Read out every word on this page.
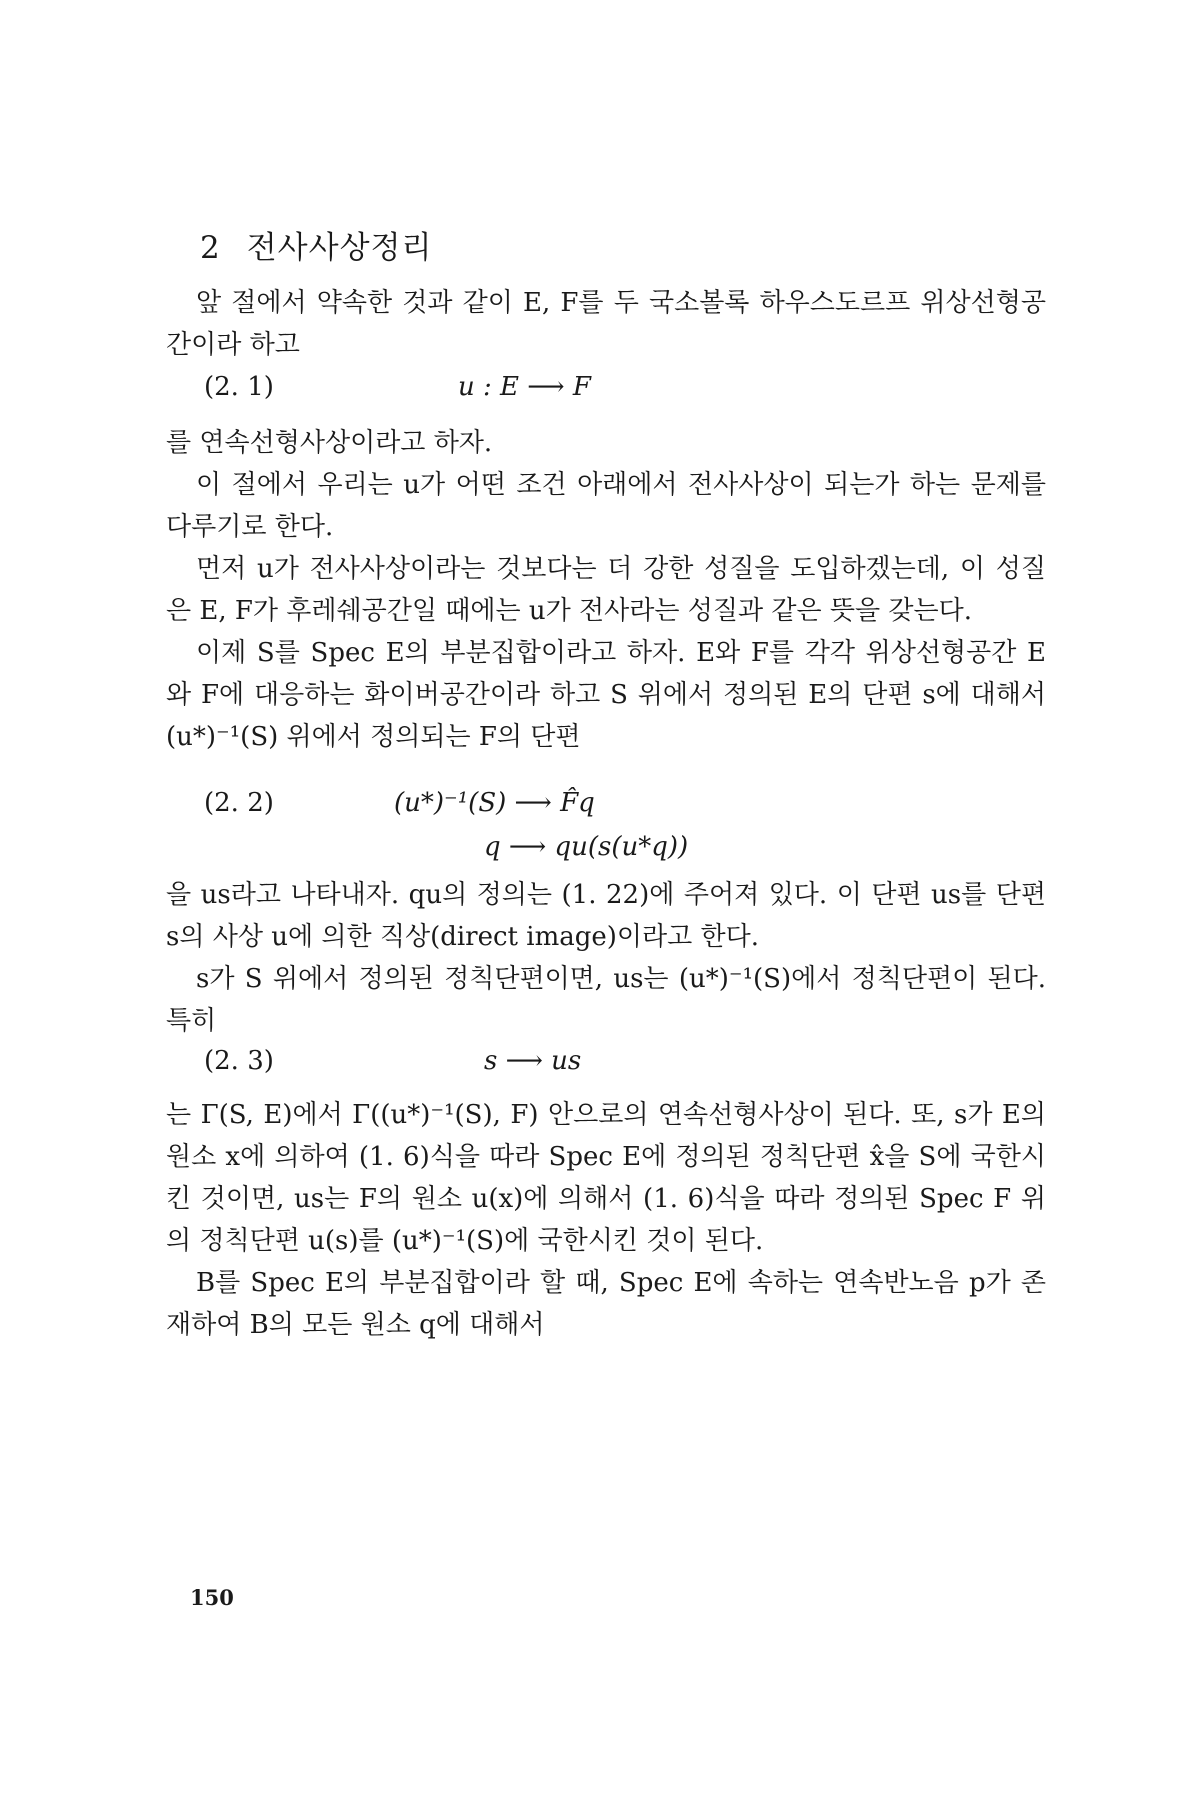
2 전사사상정리

앞 절에서 약속한 것과 같이 E, F를 두 국소볼록 하우스도르프 위상선형공간이라 하고

(2. 1)	u : E ⟶ F

를 연속선형사상이라고 하자.

이 절에서 우리는 u가 어떤 조건 아래에서 전사사상이 되는가 하는 문제를 다루기로 한다.

먼저 u가 전사사상이라는 것보다는 더 강한 성질을 도입하겠는데, 이 성질은 E, F가 후레쉐공간일 때에는 u가 전사라는 성질과 같은 뜻을 갖는다.

이제 S를 Spec E의 부분집합이라고 하자. E와 F를 각각 위상선형공간 E와 F에 대응하는 화이버공간이라 하고 S 위에서 정의된 E의 단편 s에 대해서 (u*)⁻¹(S) 위에서 정의되는 F의 단편

(2. 2)	(u*)⁻¹(S) ⟶ F̂q
q ⟶ qu(s(u*q))

을 us라고 나타내자. qu의 정의는 (1. 22)에 주어져 있다. 이 단편 us를 단편 s의 사상 u에 의한 직상(direct image)이라고 한다.

s가 S 위에서 정의된 정칙단편이면, us는 (u*)⁻¹(S)에서 정칙단편이 된다. 특히

(2. 3)	s ⟶ us

는 Γ(S, E)에서 Γ((u*)⁻¹(S), F) 안으로의 연속선형사상이 된다. 또, s가 E의 원소 x에 의하여 (1. 6)식을 따라 Spec E에 정의된 정칙단편 x̂을 S에 국한시킨 것이면, us는 F의 원소 u(x)에 의해서 (1. 6)식을 따라 정의된 Spec F 위의 정칙단편 u(s)를 (u*)⁻¹(S)에 국한시킨 것이 된다.

B를 Spec E의 부분집합이라 할 때, Spec E에 속하는 연속반노음 p가 존재하여 B의 모든 원소 q에 대해서

150
